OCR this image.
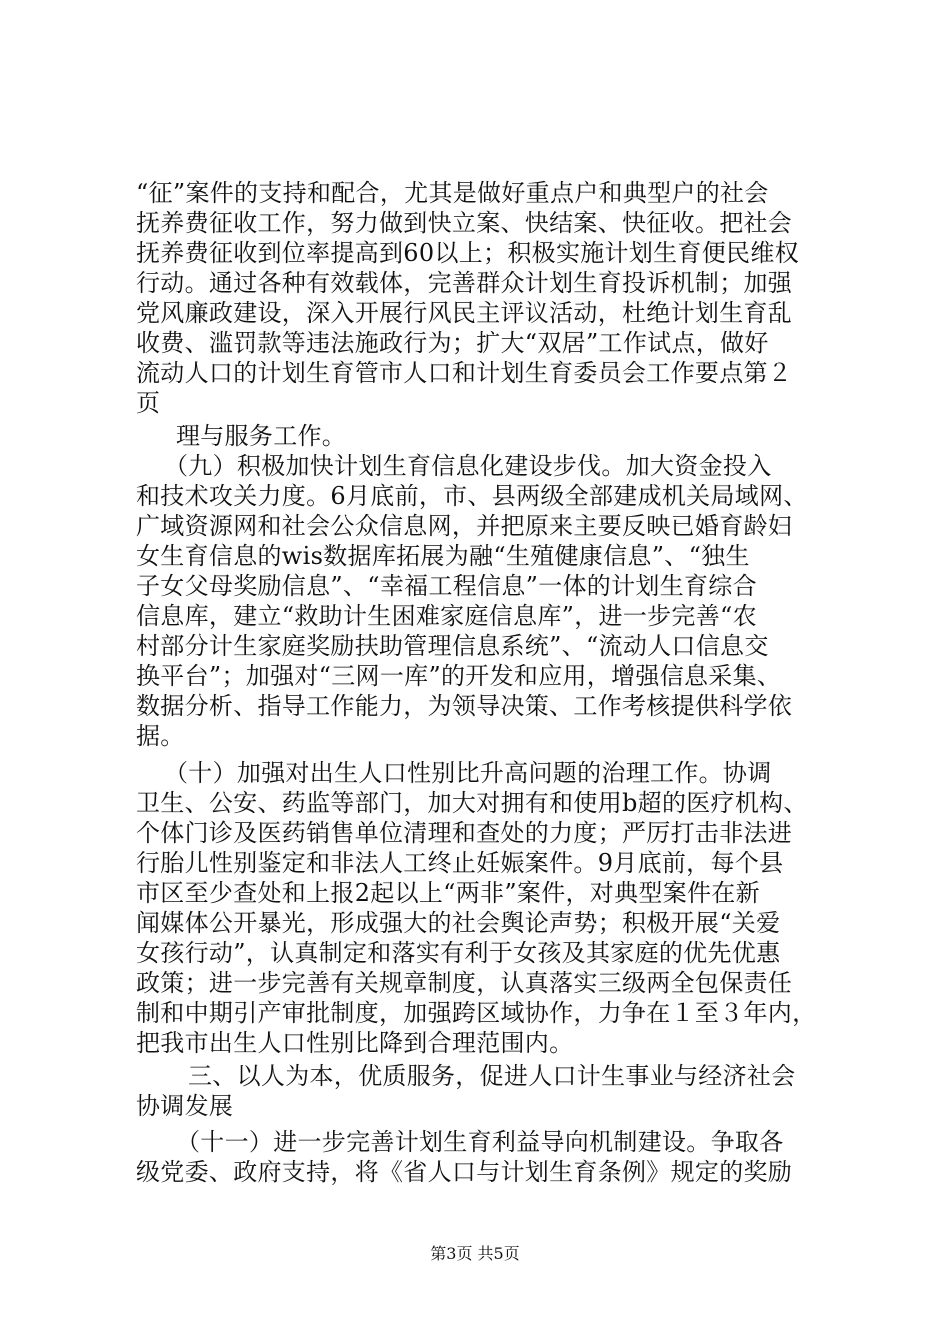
“征”案件的支持和配合，尤其是做好重点户和典型户的社会
抚养费征收工作，努力做到快立案、快结案、快征收。把社会
抚养费征收到位率提高到60以上；积极实施计划生育便民维权
行动。通过各种有效载体，完善群众计划生育投诉机制；加强
党风廉政建设，深入开展行风民主评议活动，杜绝计划生育乱
收费、滥罚款等违法施政行为；扩大“双居”工作试点，做好
流动人口的计划生育管市人口和计划生育委员会工作要点第２
页
理与服务工作。
（九）积极加快计划生育信息化建设步伐。加大资金投入
和技术攻关力度。6月底前，市、县两级全部建成机关局域网、
广域资源网和社会公众信息网，并把原来主要反映已婚育龄妇
女生育信息的wis数据库拓展为融“生殖健康信息”、“独生
子女父母奖励信息”、“幸福工程信息”一体的计划生育综合
信息库，建立“救助计生困难家庭信息库”，进一步完善“农
村部分计生家庭奖励扶助管理信息系统”、“流动人口信息交
换平台”；加强对“三网一库”的开发和应用，增强信息采集、
数据分析、指导工作能力，为领导决策、工作考核提供科学依
据。
（十）加强对出生人口性别比升高问题的治理工作。协调
卫生、公安、药监等部门，加大对拥有和使用b超的医疗机构、
个体门诊及医药销售单位清理和查处的力度；严厉打击非法进
行胎儿性别鉴定和非法人工终止妊娠案件。9月底前，每个县
市区至少查处和上报2起以上“两非”案件，对典型案件在新
闻媒体公开暴光，形成强大的社会舆论声势；积极开展“关爱
女孩行动”，认真制定和落实有利于女孩及其家庭的优先优惠
政策；进一步完善有关规章制度，认真落实三级两全包保责任
制和中期引产审批制度，加强跨区域协作，力争在１至３年内，
把我市出生人口性别比降到合理范围内。
三、以人为本，优质服务，促进人口计生事业与经济社会
协调发展
（十一）进一步完善计划生育利益导向机制建设。争取各
级党委、政府支持，将《省人口与计划生育条例》规定的奖励
第3页 共5页
